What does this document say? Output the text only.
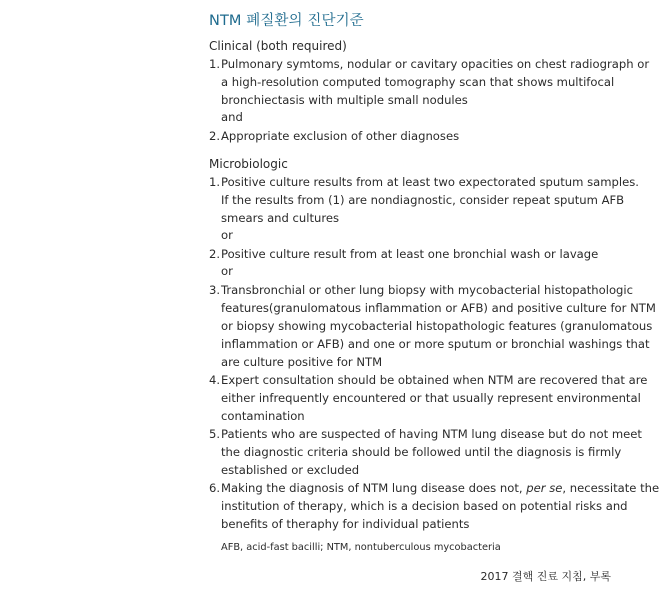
NTM 폐질환의 진단기준
Clinical (both required)
1.Pulmonary symtoms, nodular or cavitary opacities on chest radiograph or
a high-resolution computed tomography scan that shows multifocal
bronchiectasis with multiple small nodules
and
2.Appropriate exclusion of other diagnoses
Microbiologic
1.Positive culture results from at least two expectorated sputum samples.
If the results from (1) are nondiagnostic, consider repeat sputum AFB
smears and cultures
or
2.Positive culture result from at least one bronchial wash or lavage
or
3.Transbronchial or other lung biopsy with mycobacterial histopathologic
features(granulomatous inflammation or AFB) and positive culture for NTM
or biopsy showing mycobacterial histopathologic features (granulomatous
inflammation or AFB) and one or more sputum or bronchial washings that
are culture positive for NTM
4.Expert consultation should be obtained when NTM are recovered that are
either infrequently encountered or that usually represent environmental
contamination
5.Patients who are suspected of having NTM lung disease but do not meet
the diagnostic criteria should be followed until the diagnosis is firmly
established or excluded
6.Making the diagnosis of NTM lung disease does not, per se, necessitate the
institution of therapy, which is a decision based on potential risks and
benefits of theraphy for individual patients
AFB, acid-fast bacilli; NTM, nontuberculous mycobacteria
2017 결핵 진료 지침, 부록
